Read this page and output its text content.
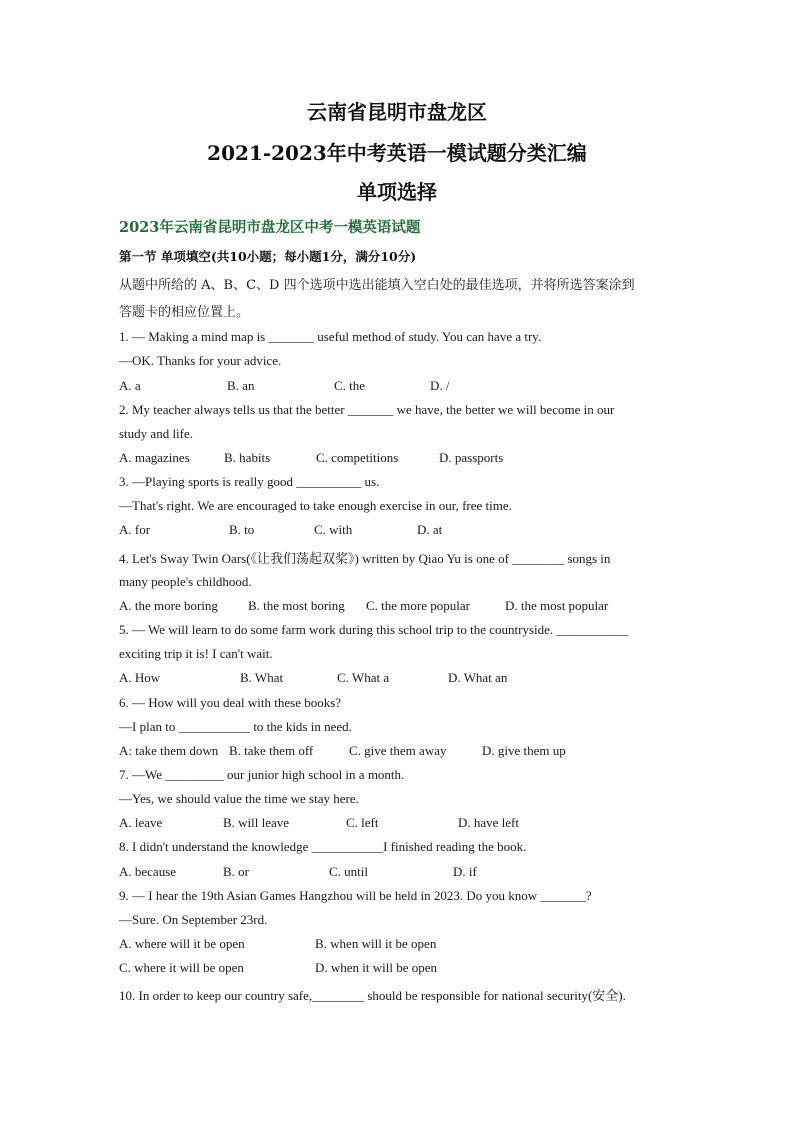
云南省昆明市盘龙区
2021-2023年中考英语一模试题分类汇编
单项选择
2023年云南省昆明市盘龙区中考一模英语试题
第一节 单项填空(共10小题；每小题1分，满分10分)
从题中所给的 A、B、C、D 四个选项中选出能填入空白处的最佳选项，并将所选答案涂到
答题卡的相应位置上。
1. — Making a mind map is _______ useful method of study. You can have a try.
—OK. Thanks for your advice.
A. a	B. an	C. the	D. /
2. My teacher always tells us that the better _______ we have, the better we will become in our
study and life.
A. magazines	B. habits	C. competitions	D. passports
3. —Playing sports is really good __________ us.
—That's right. We are encouraged to take enough exercise in our, free time.
A. for	B. to	C. with	D. at
4. Let's Sway Twin Oars(《让我们荡起双桨》) written by Qiao Yu is one of ________ songs in
many people's childhood.
A. the more boring B. the most boring C. the more popular	D. the most popular
5. — We will learn to do some farm work during this school trip to the countryside. ___________
exciting trip it is! I can't wait.
A. How	B. What	C. What a	D. What an
6. — How will you deal with these books?
—I plan to ___________ to the kids in need.
A: take them down B. take them off	C. give them away	D. give them up
7. —We _________ our junior high school in a month.
—Yes, we should value the time we stay here.
A. leave	B. will leave	C. left	D. have left
8. I didn't understand the knowledge ___________I finished reading the book.
A. because	B. or	C. until	D. if
9. — I hear the 19th Asian Games Hangzhou will be held in 2023. Do you know _______?
—Sure. On September 23rd.
A. where will it be open	B. when will it be open
C. where it will be open	D. when it will be open
10. In order to keep our country safe,________ should be responsible for national security(安全).
